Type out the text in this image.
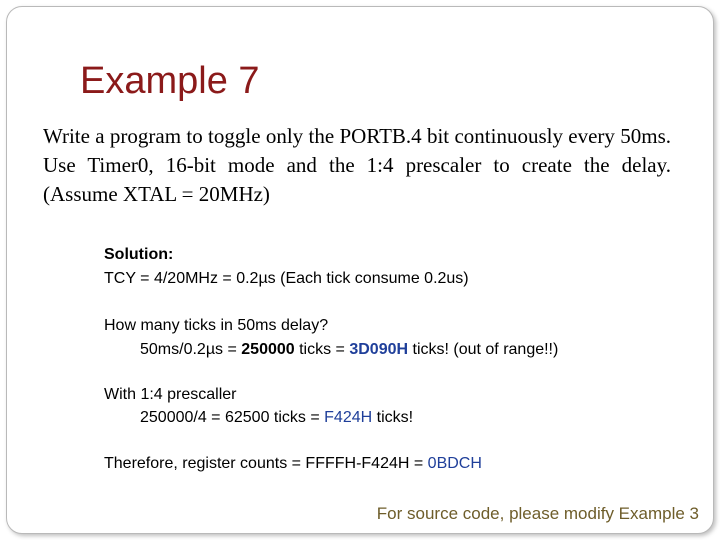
Example 7

Write a program to toggle only the PORTB.4 bit continuously every 50ms. Use Timer0, 16-bit mode and the 1:4 prescaler to create the delay. (Assume XTAL = 20MHz)

Solution:
TCY = 4/20MHz = 0.2µs (Each tick consume 0.2us)
How many ticks in 50ms delay?
50ms/0.2µs = 250000 ticks = 3D090H ticks! (out of range!!)
With 1:4 prescaller
250000/4 = 62500 ticks = F424H ticks!
Therefore, register counts = FFFFH-F424H = 0BDCH

For source code, please modify Example 3
